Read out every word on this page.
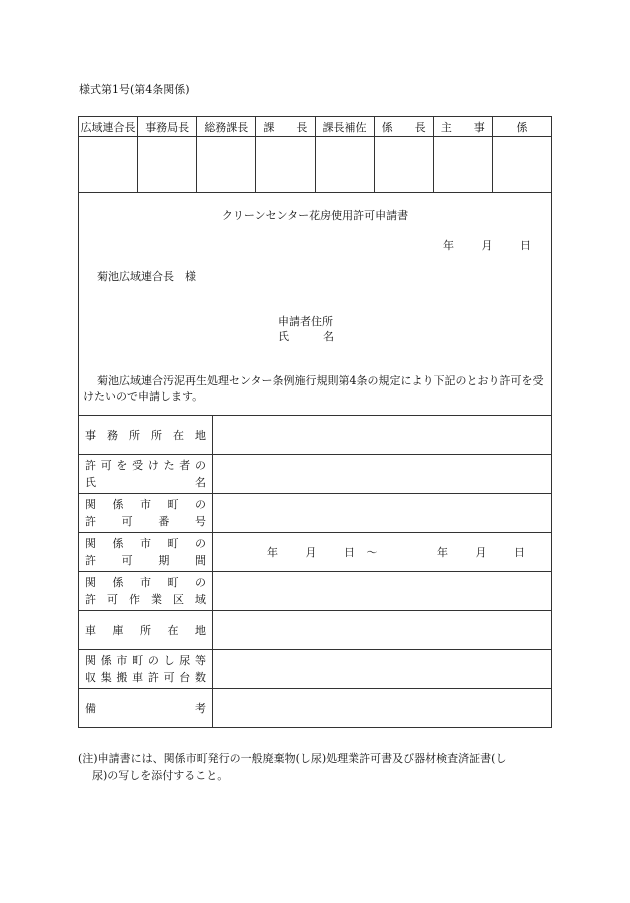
様式第1号(第4条関係)
広域連合長	事務局長	総務課長	課　　長	課長補佐	係　　長	主　　事	係

クリーンセンター花房使用許可申請書
年	月	日
菊池広域連合長　様
申請者住所
氏　　名
菊池広域連合汚泥再生処理センター条例施行規則第4条の規定により下記のとおり許可を受けたいので申請します。
事務所所在地	

許可を受けた者の
氏名	

関係市町の
許可番号	

関係市町の
許可期間	年 月 日 〜 年 月 日

関係市町の
許可作業区域	

車庫所在地	

関係市町のし尿等
収集搬車許可台数	

備考	

(注)申請書には、関係市町発行の一般廃棄物(し尿)処理業許可書及び器材検査済証書(し
尿)の写しを添付すること。
